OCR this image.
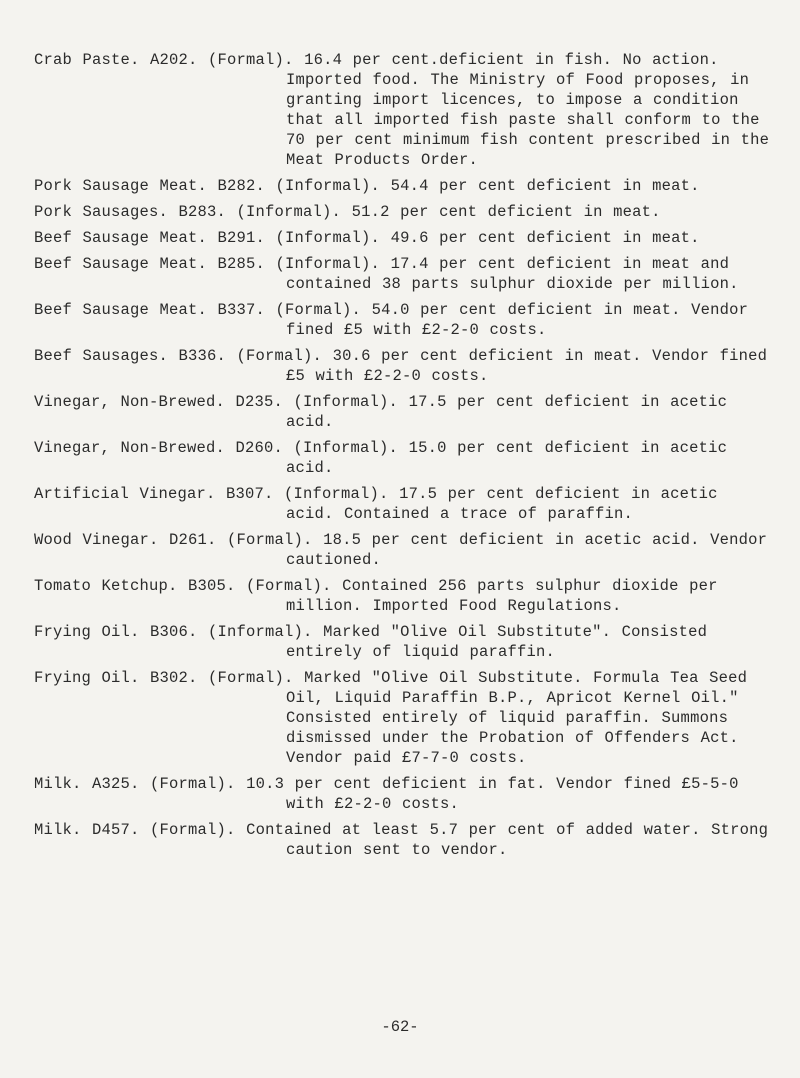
Crab Paste. A202. (Formal). 16.4 per cent.deficient in fish. No action. Imported food. The Ministry of Food proposes, in granting import licences, to impose a condition that all imported fish paste shall conform to the 70 per cent minimum fish content prescribed in the Meat Products Order.
Pork Sausage Meat. B282. (Informal). 54.4 per cent deficient in meat.
Pork Sausages. B283. (Informal). 51.2 per cent deficient in meat.
Beef Sausage Meat. B291. (Informal). 49.6 per cent deficient in meat.
Beef Sausage Meat. B285. (Informal). 17.4 per cent deficient in meat and contained 38 parts sulphur dioxide per million.
Beef Sausage Meat. B337. (Formal). 54.0 per cent deficient in meat. Vendor fined £5 with £2-2-0 costs.
Beef Sausages. B336. (Formal). 30.6 per cent deficient in meat. Vendor fined £5 with £2-2-0 costs.
Vinegar, Non-Brewed. D235. (Informal). 17.5 per cent deficient in acetic acid.
Vinegar, Non-Brewed. D260. (Informal). 15.0 per cent deficient in acetic acid.
Artificial Vinegar. B307. (Informal). 17.5 per cent deficient in acetic acid. Contained a trace of paraffin.
Wood Vinegar. D261. (Formal). 18.5 per cent deficient in acetic acid. Vendor cautioned.
Tomato Ketchup. B305. (Formal). Contained 256 parts sulphur dioxide per million. Imported Food Regulations.
Frying Oil. B306. (Informal). Marked "Olive Oil Substitute". Consisted entirely of liquid paraffin.
Frying Oil. B302. (Formal). Marked "Olive Oil Substitute. Formula Tea Seed Oil, Liquid Paraffin B.P., Apricot Kernel Oil." Consisted entirely of liquid paraffin. Summons dismissed under the Probation of Offenders Act. Vendor paid £7-7-0 costs.
Milk. A325. (Formal). 10.3 per cent deficient in fat. Vendor fined £5-5-0 with £2-2-0 costs.
Milk. D457. (Formal). Contained at least 5.7 per cent of added water. Strong caution sent to vendor.
-62-
